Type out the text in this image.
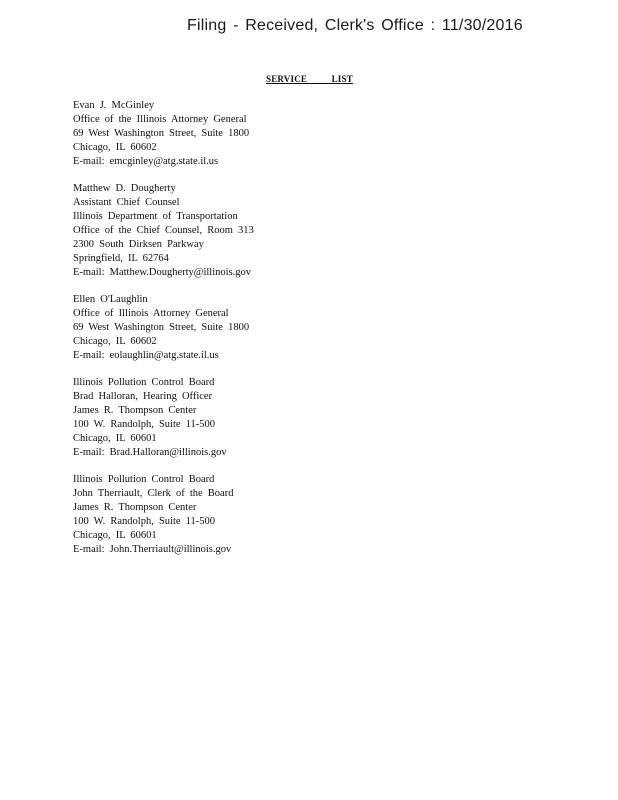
Filing - Received, Clerk's Office : 11/30/2016
SERVICE          LIST
Evan J. McGinley
Office of the Illinois Attorney General
69 West Washington Street, Suite 1800
Chicago, IL 60602
E-mail: emcginley@atg.state.il.us
Matthew D. Dougherty
Assistant Chief Counsel
Illinois Department of Transportation
Office of the Chief Counsel, Room 313
2300 South Dirksen Parkway
Springfield, IL 62764
E-mail: Matthew.Dougherty@illinois.gov
Ellen O'Laughlin
Office of Illinois Attorney General
69 West Washington Street, Suite 1800
Chicago, IL 60602
E-mail: eolaughlin@atg.state.il.us
Illinois Pollution Control Board
Brad Halloran, Hearing Officer
James R. Thompson Center
100 W. Randolph, Suite 11-500
Chicago, IL 60601
E-mail: Brad.Halloran@illinois.gov
Illinois Pollution Control Board
John Therriault, Clerk of the Board
James R. Thompson Center
100 W. Randolph, Suite 11-500
Chicago, IL 60601
E-mail: John.Therriault@illinois.gov
